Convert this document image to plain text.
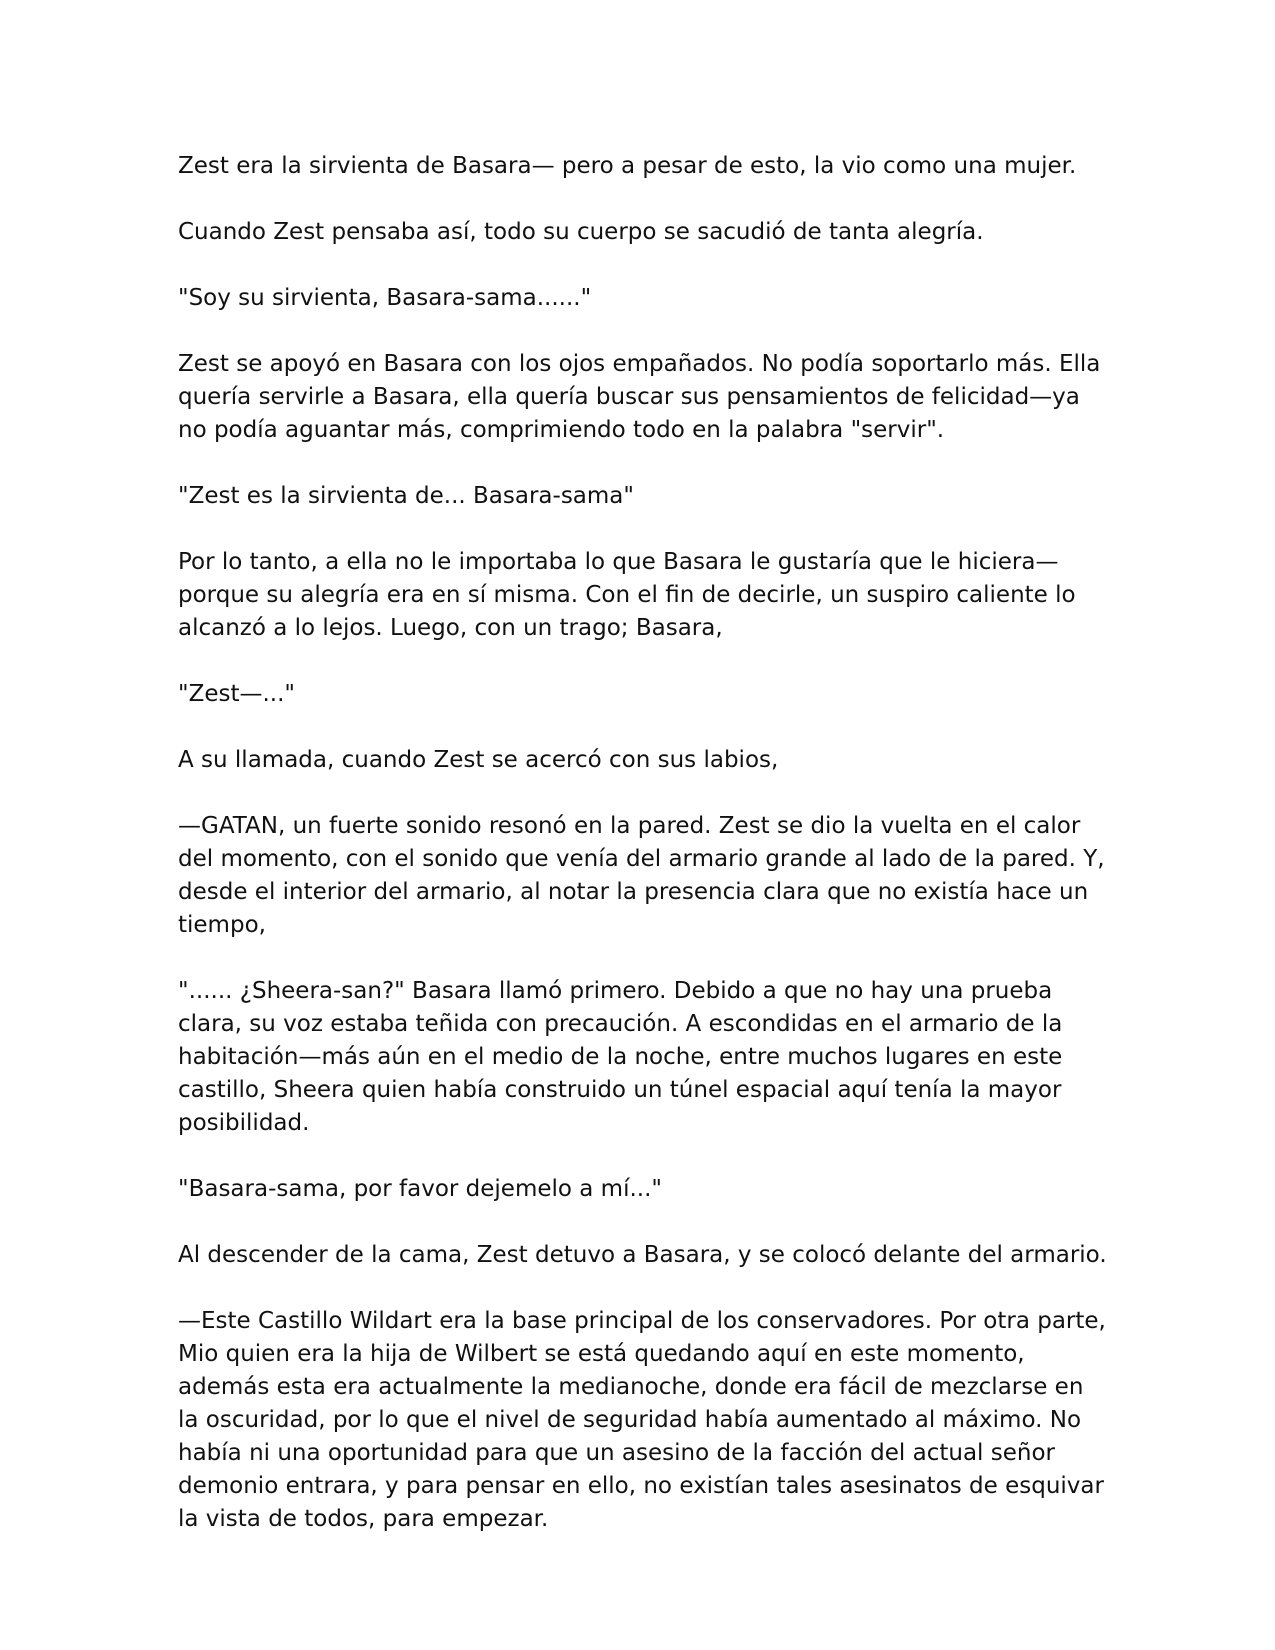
Zest era la sirvienta de Basara— pero a pesar de esto, la vio como una mujer.

Cuando Zest pensaba así, todo su cuerpo se sacudió de tanta alegría.

"Soy su sirvienta, Basara-sama......"

Zest se apoyó en Basara con los ojos empañados. No podía soportarlo más. Ella quería servirle a Basara, ella quería buscar sus pensamientos de felicidad—ya no podía aguantar más, comprimiendo todo en la palabra "servir".

"Zest es la sirvienta de... Basara-sama"

Por lo tanto, a ella no le importaba lo que Basara le gustaría que le hiciera— porque su alegría era en sí misma. Con el fin de decirle, un suspiro caliente lo alcanzó a lo lejos. Luego, con un trago; Basara,

"Zest—..."

A su llamada, cuando Zest se acercó con sus labios,

—GATAN, un fuerte sonido resonó en la pared. Zest se dio la vuelta en el calor del momento, con el sonido que venía del armario grande al lado de la pared. Y, desde el interior del armario, al notar la presencia clara que no existía hace un tiempo,

"...... ¿Sheera-san?" Basara llamó primero. Debido a que no hay una prueba clara, su voz estaba teñida con precaución. A escondidas en el armario de la habitación—más aún en el medio de la noche, entre muchos lugares en este castillo, Sheera quien había construido un túnel espacial aquí tenía la mayor posibilidad.

"Basara-sama, por favor dejemelo a mí..."

Al descender de la cama, Zest detuvo a Basara, y se colocó delante del armario.

—Este Castillo Wildart era la base principal de los conservadores. Por otra parte, Mio quien era la hija de Wilbert se está quedando aquí en este momento, además esta era actualmente la medianoche, donde era fácil de mezclarse en la oscuridad, por lo que el nivel de seguridad había aumentado al máximo. No había ni una oportunidad para que un asesino de la facción del actual señor demonio entrara, y para pensar en ello, no existían tales asesinatos de esquivar la vista de todos, para empezar.
